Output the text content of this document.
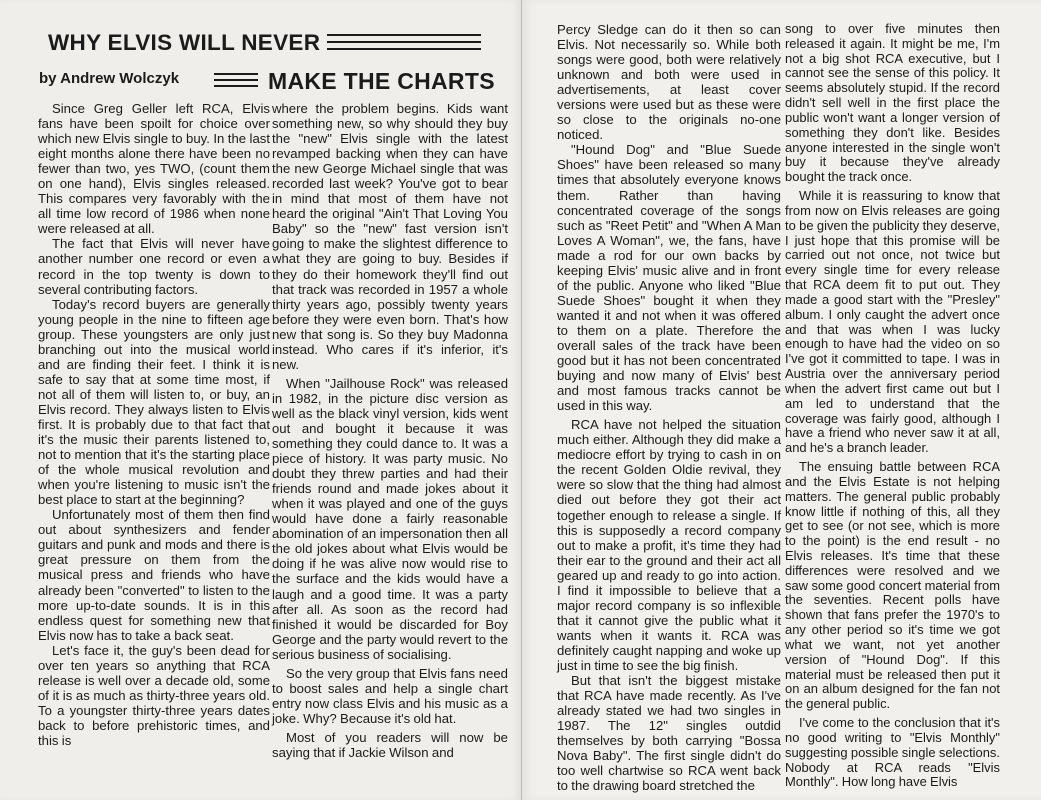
WHY ELVIS WILL NEVER
by Andrew Wolczyk	MAKE THE CHARTS

Since Greg Geller left RCA, Elvis fans have been spoilt for choice over which new Elvis single to buy. In the last eight months alone there have been no fewer than two, yes TWO, (count them on one hand), Elvis singles released. This compares very favorably with the all time low record of 1986 when none were released at all.

The fact that Elvis will never have another number one record or even a record in the top twenty is down to several contributing factors.

Today's record buyers are generally young people in the nine to fifteen age group. These youngsters are only just branching out into the musical world and are finding their feet. I think it is safe to say that at some time most, if not all of them will listen to, or buy, an Elvis record. They always listen to Elvis first. It is probably due to that fact that it's the music their parents listened to, not to mention that it's the starting place of the whole musical revolution and when you're listening to music isn't the best place to start at the beginning?

Unfortunately most of them then find out about synthesizers and fender guitars and punk and mods and there is great pressure on them from the musical press and friends who have already been "converted" to listen to the more up-to-date sounds. It is in this endless quest for something new that Elvis now has to take a back seat.

Let's face it, the guy's been dead for over ten years so anything that RCA release is well over a decade old, some of it is as much as thirty-three years old. To a youngster thirty-three years dates back to before prehistoric times, and this is

where the problem begins. Kids want something new, so why should they buy the "new" Elvis single with the latest revamped backing when they can have the new George Michael single that was recorded last week? You've got to bear in mind that most of them have not heard the original "Ain't That Loving You Baby" so the "new" fast version isn't going to make the slightest difference to what they are going to buy. Besides if they do their homework they'll find out that track was recorded in 1957 a whole thirty years ago, possibly twenty years before they were even born. That's how new that song is. So they buy Madonna instead. Who cares if it's inferior, it's new.

When "Jailhouse Rock" was released in 1982, in the picture disc version as well as the black vinyl version, kids went out and bought it because it was something they could dance to. It was a piece of history. It was party music. No doubt they threw parties and had their friends round and made jokes about it when it was played and one of the guys would have done a fairly reasonable abomination of an impersonation then all the old jokes about what Elvis would be doing if he was alive now would rise to the surface and the kids would have a laugh and a good time. It was a party after all. As soon as the record had finished it would be discarded for Boy George and the party would revert to the serious business of socialising.

So the very group that Elvis fans need to boost sales and help a single chart entry now class Elvis and his music as a joke. Why? Because it's old hat.

Most of you readers will now be saying that if Jackie Wilson and

Percy Sledge can do it then so can Elvis. Not necessarily so. While both songs were good, both were relatively unknown and both were used in advertisements, at least cover versions were used but as these were so close to the originals no-one noticed.

"Hound Dog" and "Blue Suede Shoes" have been released so many times that absolutely everyone knows them. Rather than having concentrated coverage of the songs such as "Reet Petit" and "When A Man Loves A Woman", we, the fans, have made a rod for our own backs by keeping Elvis' music alive and in front of the public. Anyone who liked "Blue Suede Shoes" bought it when they wanted it and not when it was offered to them on a plate. Therefore the overall sales of the track have been good but it has not been concentrated buying and now many of Elvis' best and most famous tracks cannot be used in this way.

RCA have not helped the situation much either. Although they did make a mediocre effort by trying to cash in on the recent Golden Oldie revival, they were so slow that the thing had almost died out before they got their act together enough to release a single. If this is supposedly a record company out to make a profit, it's time they had their ear to the ground and their act all geared up and ready to go into action. I find it impossible to believe that a major record company is so inflexible that it cannot give the public what it wants when it wants it. RCA was definitely caught napping and woke up just in time to see the big finish.

But that isn't the biggest mistake that RCA have made recently. As I've already stated we had two singles in 1987. The 12" singles outdid themselves by both carrying "Bossa Nova Baby". The first single didn't do too well chartwise so RCA went back to the drawing board stretched the

song to over five minutes then released it again. It might be me, I'm not a big shot RCA executive, but I cannot see the sense of this policy. It seems absolutely stupid. If the record didn't sell well in the first place the public won't want a longer version of something they don't like. Besides anyone interested in the single won't buy it because they've already bought the track once.

While it is reassuring to know that from now on Elvis releases are going to be given the publicity they deserve, I just hope that this promise will be carried out not once, not twice but every single time for every release that RCA deem fit to put out. They made a good start with the "Presley" album. I only caught the advert once and that was when I was lucky enough to have had the video on so I've got it committed to tape. I was in Austria over the anniversary period when the advert first came out but I am led to understand that the coverage was fairly good, although I have a friend who never saw it at all, and he's a branch leader.

The ensuing battle between RCA and the Elvis Estate is not helping matters. The general public probably know little if nothing of this, all they get to see (or not see, which is more to the point) is the end result - no Elvis releases. It's time that these differences were resolved and we saw some good concert material from the seventies. Recent polls have shown that fans prefer the 1970's to any other period so it's time we got what we want, not yet another version of "Hound Dog". If this material must be released then put it on an album designed for the fan not the general public.

I've come to the conclusion that it's no good writing to "Elvis Monthly" suggesting possible single selections. Nobody at RCA reads "Elvis Monthly". How long have Elvis
